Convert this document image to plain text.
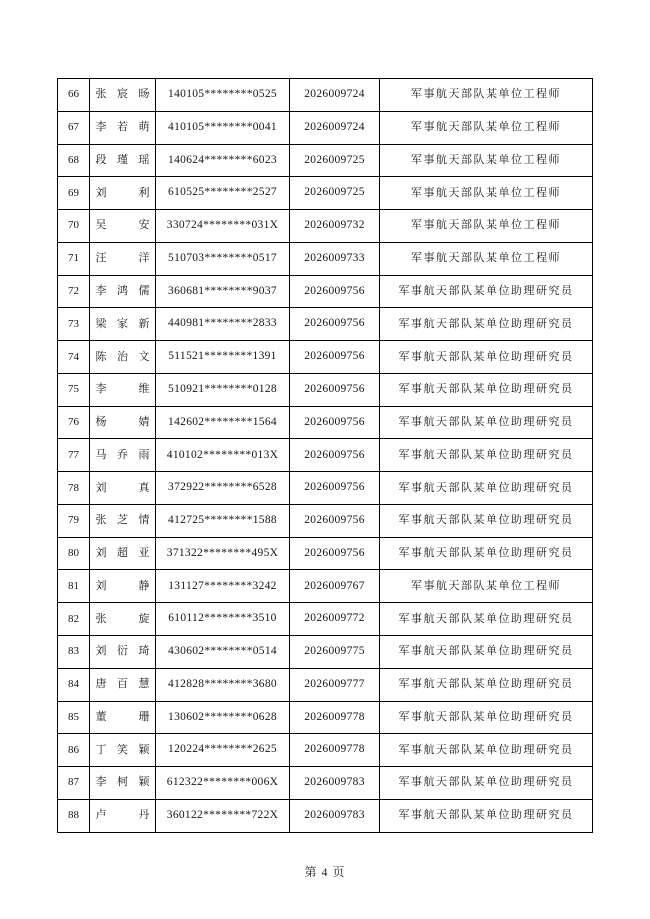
66	张宸旸	140105********0525	2026009724	军事航天部队某单位工程师
67	李若萌	410105********0041	2026009724	军事航天部队某单位工程师
68	段瑾瑶	140624********6023	2026009725	军事航天部队某单位工程师
69	刘利	610525********2527	2026009725	军事航天部队某单位工程师
70	吴安	330724********031X	2026009732	军事航天部队某单位工程师
71	汪洋	510703********0517	2026009733	军事航天部队某单位工程师
72	李鸿儒	360681********9037	2026009756	军事航天部队某单位助理研究员
73	梁家新	440981********2833	2026009756	军事航天部队某单位助理研究员
74	陈治文	511521********1391	2026009756	军事航天部队某单位助理研究员
75	李维	510921********0128	2026009756	军事航天部队某单位助理研究员
76	杨婧	142602********1564	2026009756	军事航天部队某单位助理研究员
77	马乔雨	410102********013X	2026009756	军事航天部队某单位助理研究员
78	刘真	372922********6528	2026009756	军事航天部队某单位助理研究员
79	张芝情	412725********1588	2026009756	军事航天部队某单位助理研究员
80	刘超亚	371322********495X	2026009756	军事航天部队某单位助理研究员
81	刘静	131127********3242	2026009767	军事航天部队某单位工程师
82	张旋	610112********3510	2026009772	军事航天部队某单位助理研究员
83	刘衍琦	430602********0514	2026009775	军事航天部队某单位助理研究员
84	唐百慧	412828********3680	2026009777	军事航天部队某单位助理研究员
85	董珊	130602********0628	2026009778	军事航天部队某单位助理研究员
86	丁笑颖	120224********2625	2026009778	军事航天部队某单位助理研究员
87	李柯颖	612322********006X	2026009783	军事航天部队某单位助理研究员
88	卢丹	360122********722X	2026009783	军事航天部队某单位助理研究员
第 4 页
